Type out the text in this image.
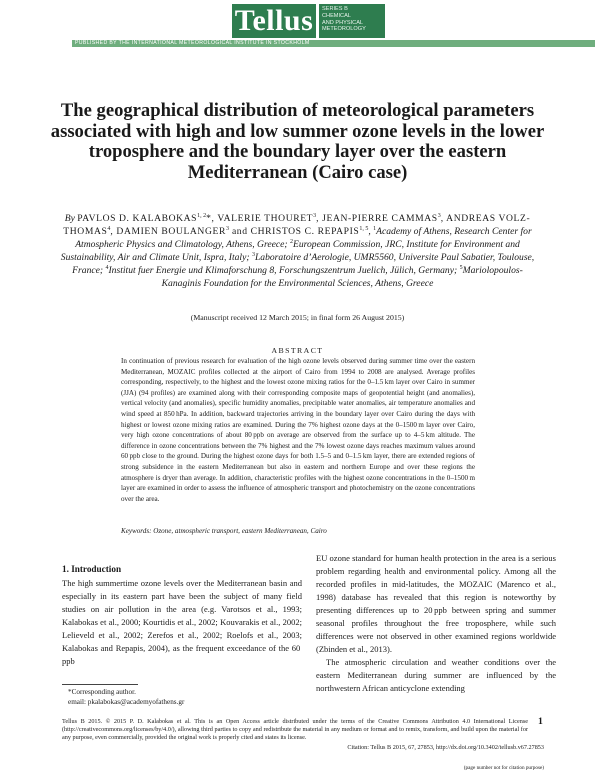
Tellus	SERIES B
CHEMICAL
AND PHYSICAL
METEOROLOGY
PUBLISHED BY THE INTERNATIONAL METEOROLOGICAL INSTITUTE IN STOCKHOLM
The geographical distribution of meteorological parameters associated with high and low summer ozone levels in the lower troposphere and the boundary layer over the eastern Mediterranean (Cairo case)
By PAVLOS D. KALABOKAS$^{1, 2}$*, VALERIE THOURET$^3$, JEAN-PIERRE CAMMAS$^3$, ANDREAS VOLZ-THOMAS$^4$, DAMIEN BOULANGER$^3$ and CHRISTOS C. REPAPIS$^{1, 5}$, $^1$Academy of Athens, Research Center for Atmospheric Physics and Climatology, Athens, Greece; $^2$European Commission, JRC, Institute for Environment and Sustainability, Air and Climate Unit, Ispra, Italy; $^3$Laboratoire d’Aerologie, UMR5560, Universite Paul Sabatier, Toulouse, France; $^4$Institut fuer Energie und Klimaforschung 8, Forschungszentrum Juelich, Jülich, Germany; $^5$Mariolopoulos-Kanaginis Foundation for the Environmental Sciences, Athens, Greece
(Manuscript received 12 March 2015; in final form 26 August 2015)
ABSTRACT
In continuation of previous research for evaluation of the high ozone levels observed during summer time over the eastern Mediterranean, MOZAIC profiles collected at the airport of Cairo from 1994 to 2008 are analysed. Average profiles corresponding, respectively, to the highest and the lowest ozone mixing ratios for the 0–1.5 km layer over Cairo in summer (JJA) (94 profiles) are examined along with their corresponding composite maps of geopotential height (and anomalies), vertical velocity (and anomalies), specific humidity anomalies, precipitable water anomalies, air temperature anomalies and wind speed at 850 hPa. In addition, backward trajectories arriving in the boundary layer over Cairo during the days with highest or lowest ozone mixing ratios are examined. During the 7% highest ozone days at the 0–1500 m layer over Cairo, very high ozone concentrations of about 80 ppb on average are observed from the surface up to 4–5 km altitude. The difference in ozone concentrations between the 7% highest and the 7% lowest ozone days reaches maximum values around 60 ppb close to the ground. During the highest ozone days for both 1.5–5 and 0–1.5 km layer, there are extended regions of strong subsidence in the eastern Mediterranean but also in eastern and northern Europe and over these regions the atmosphere is dryer than average. In addition, characteristic profiles with the highest ozone concentrations in the 0–1500 m layer are examined in order to assess the influence of atmospheric transport and photochemistry on the ozone concentrations over the area.
Keywords: Ozone, atmospheric transport, eastern Mediterranean, Cairo
1. Introduction

The high summertime ozone levels over the Mediterranean basin and especially in its eastern part have been the subject of many field studies on air pollution in the area (e.g. Varotsos et al., 1993; Kalabokas et al., 2000; Kourtidis et al., 2002; Kouvarakis et al., 2002; Lelieveld et al., 2002; Zerefos et al., 2002; Roelofs et al., 2003; Kalabokas and Repapis, 2004), as the frequent exceedance of the 60 ppb

EU ozone standard for human health protection in the area is a serious problem regarding health and environmental policy. Among all the recorded profiles in mid-latitudes, the MOZAIC (Marenco et al., 1998) database has revealed that this region is noteworthy by presenting differences up to 20 ppb between spring and summer seasonal profiles throughout the free troposphere, while such differences were not observed in other examined regions worldwide (Zbinden et al., 2013).

The atmospheric circulation and weather conditions over the eastern Mediterranean during summer are influenced by the northwestern African anticyclone extending

*Corresponding author.
email: pkalabokas@academyofathens.gr
Tellus B 2015. © 2015 P. D. Kalabokas et al. This is an Open Access article distributed under the terms of the Creative Commons Attribution 4.0 International License (http://creativecommons.org/licenses/by/4.0/), allowing third parties to copy and redistribute the material in any medium or format and to remix, transform, and build upon the material for any purpose, even commercially, provided the original work is properly cited and states its license.
1
Citation: Tellus B 2015, 67, 27853, http://dx.doi.org/10.3402/tellusb.v67.27853
(page number not for citation purpose)
